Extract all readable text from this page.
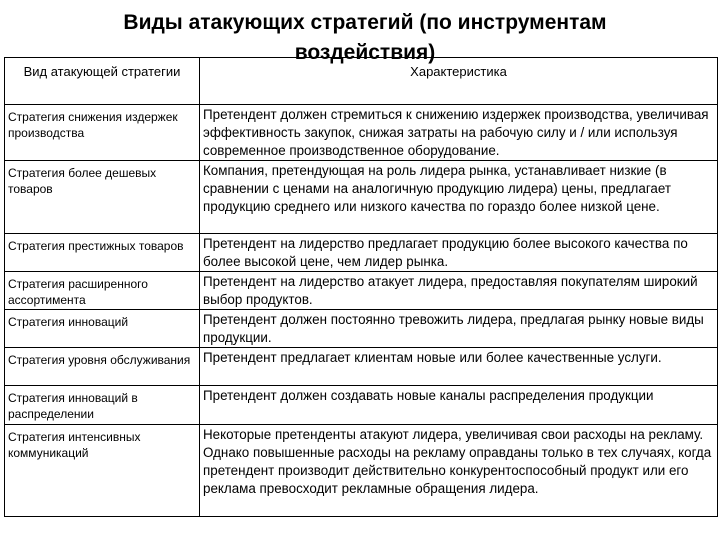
Виды атакующих стратегий (по инструментам воздействия)
Вид атакующей стратегии	Характеристика
Стратегия снижения издержек производства	Претендент должен стремиться к снижению издержек производства, увеличивая эффективность закупок, снижая затраты на рабочую силу и / или используя современное производственное оборудование.
Стратегия более дешевых товаров	Компания, претендующая на роль лидера рынка, устанавливает низкие (в сравнении с ценами на аналогичную продукцию лидера) цены, предлагает продукцию среднего или низкого качества по гораздо более низкой цене.
Стратегия престижных товаров	Претендент на лидерство предлагает продукцию более высокого качества по более высокой цене, чем лидер рынка.
Стратегия расширенного ассортимента	Претендент на лидерство атакует лидера, предоставляя покупателям широкий выбор продуктов.
Стратегия инноваций	Претендент должен постоянно тревожить лидера, предлагая рынку новые виды продукции.
Стратегия уровня обслуживания	Претендент предлагает клиентам новые или более качественные услуги.
Стратегия инноваций в распределении	Претендент должен создавать новые каналы распределения продукции
Стратегия интенсивных коммуникаций	Некоторые претенденты атакуют лидера, увеличивая свои расходы на рекламу. Однако повышенные расходы на рекламу оправданы только в тех случаях, когда претендент производит действительно конкурентоспособный продукт или его реклама превосходит рекламные обращения лидера.
